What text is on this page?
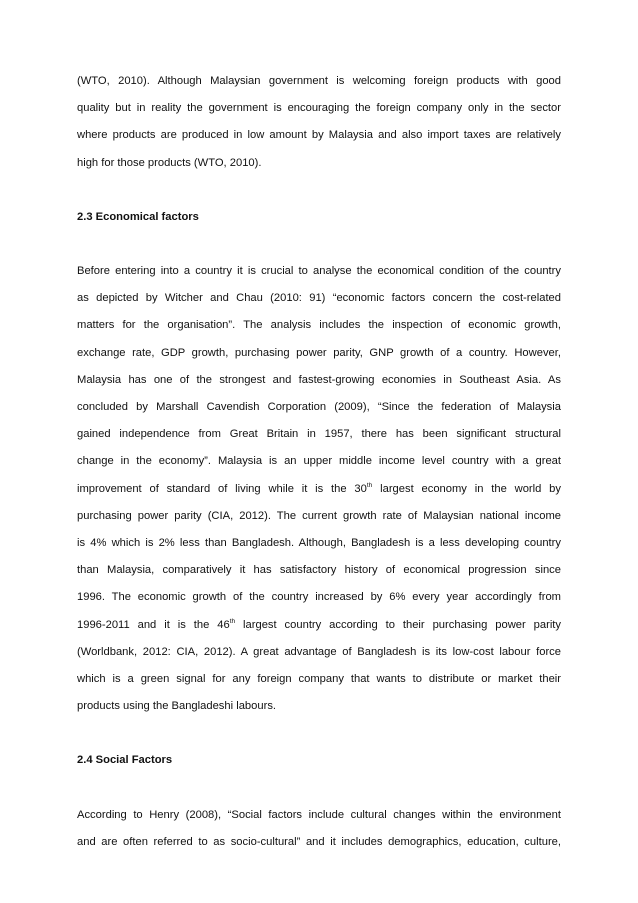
(WTO, 2010). Although Malaysian government is welcoming foreign products with good
quality but in reality the government is encouraging the foreign company only in the sector
where products are produced in low amount by Malaysia and also import taxes are relatively
high for those products (WTO, 2010).
2.3 Economical factors
Before entering into a country it is crucial to analyse the economical condition of the country
as depicted by Witcher and Chau (2010: 91) “economic factors concern the cost-related
matters for the organisation”. The analysis includes the inspection of economic growth,
exchange rate, GDP growth, purchasing power parity, GNP growth of a country. However,
Malaysia has one of the strongest and fastest-growing economies in Southeast Asia. As
concluded by Marshall Cavendish Corporation (2009), “Since the federation of Malaysia
gained independence from Great Britain in 1957, there has been significant structural
change in the economy”. Malaysia is an upper middle income level country with a great
improvement of standard of living while it is the 30th largest economy in the world by
purchasing power parity (CIA, 2012). The current growth rate of Malaysian national income
is 4% which is 2% less than Bangladesh. Although, Bangladesh is a less developing country
than Malaysia, comparatively it has satisfactory history of economical progression since
1996. The economic growth of the country increased by 6% every year accordingly from
1996-2011 and it is the 46th largest country according to their purchasing power parity
(Worldbank, 2012: CIA, 2012). A great advantage of Bangladesh is its low-cost labour force
which is a green signal for any foreign company that wants to distribute or market their
products using the Bangladeshi labours.
2.4 Social Factors
According to Henry (2008), “Social factors include cultural changes within the environment
and are often referred to as socio-cultural” and it includes demographics, education, culture,
